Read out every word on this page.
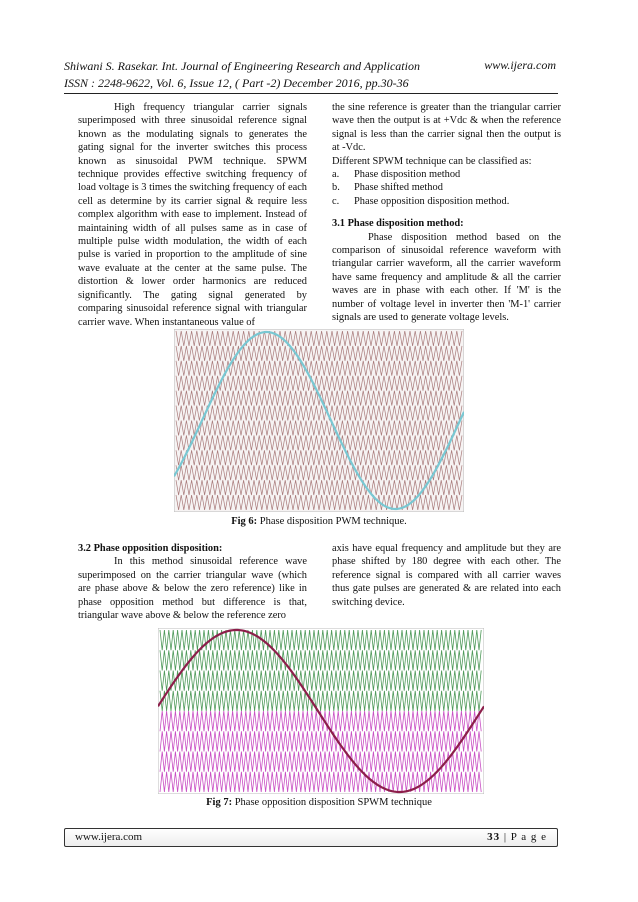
Shiwani S. Rasekar. Int. Journal of Engineering Research and Application
ISSN : 2248-9622, Vol. 6, Issue 12, ( Part -2) December 2016, pp.30-36
www.ijera.com

High frequency triangular carrier signals superimposed with three sinusoidal reference signal known as the modulating signals to generates the gating signal for the inverter switches this process known as sinusoidal PWM technique. SPWM technique provides effective switching frequency of load voltage is 3 times the switching frequency of each cell as determine by its carrier signal & require less complex algorithm with ease to implement. Instead of maintaining width of all pulses same as in case of multiple pulse width modulation, the width of each pulse is varied in proportion to the amplitude of sine wave evaluate at the center at the same pulse. The distortion & lower order harmonics are reduced significantly. The gating signal generated by comparing sinusoidal reference signal with triangular carrier wave. When instantaneous value of

the sine reference is greater than the triangular carrier wave then the output is at +Vdc & when the reference signal is less than the carrier signal then the output is at -Vdc.

Different SPWM technique can be classified as:

a.	Phase disposition method
b.	Phase shifted method
c.	Phase opposition disposition method.

3.1 Phase disposition method:

Phase disposition method based on the comparison of sinusoidal reference waveform with triangular carrier waveform, all the carrier waveform have same frequency and amplitude & all the carrier waves are in phase with each other. If 'M' is the number of voltage level in inverter then 'M-1' carrier signals are used to generate voltage levels.

Fig 6: Phase disposition PWM technique.

3.2 Phase opposition disposition:

In this method sinusoidal reference wave superimposed on the carrier triangular wave (which are phase above & below the zero reference) like in phase opposition method but difference is that, triangular wave above & below the reference zero

axis have equal frequency and amplitude but they are phase shifted by 180 degree with each other. The reference signal is compared with all carrier waves thus gate pulses are generated & are related into each switching device.

Fig 7: Phase opposition disposition SPWM technique
www.ijera.com	33 | P a g e
